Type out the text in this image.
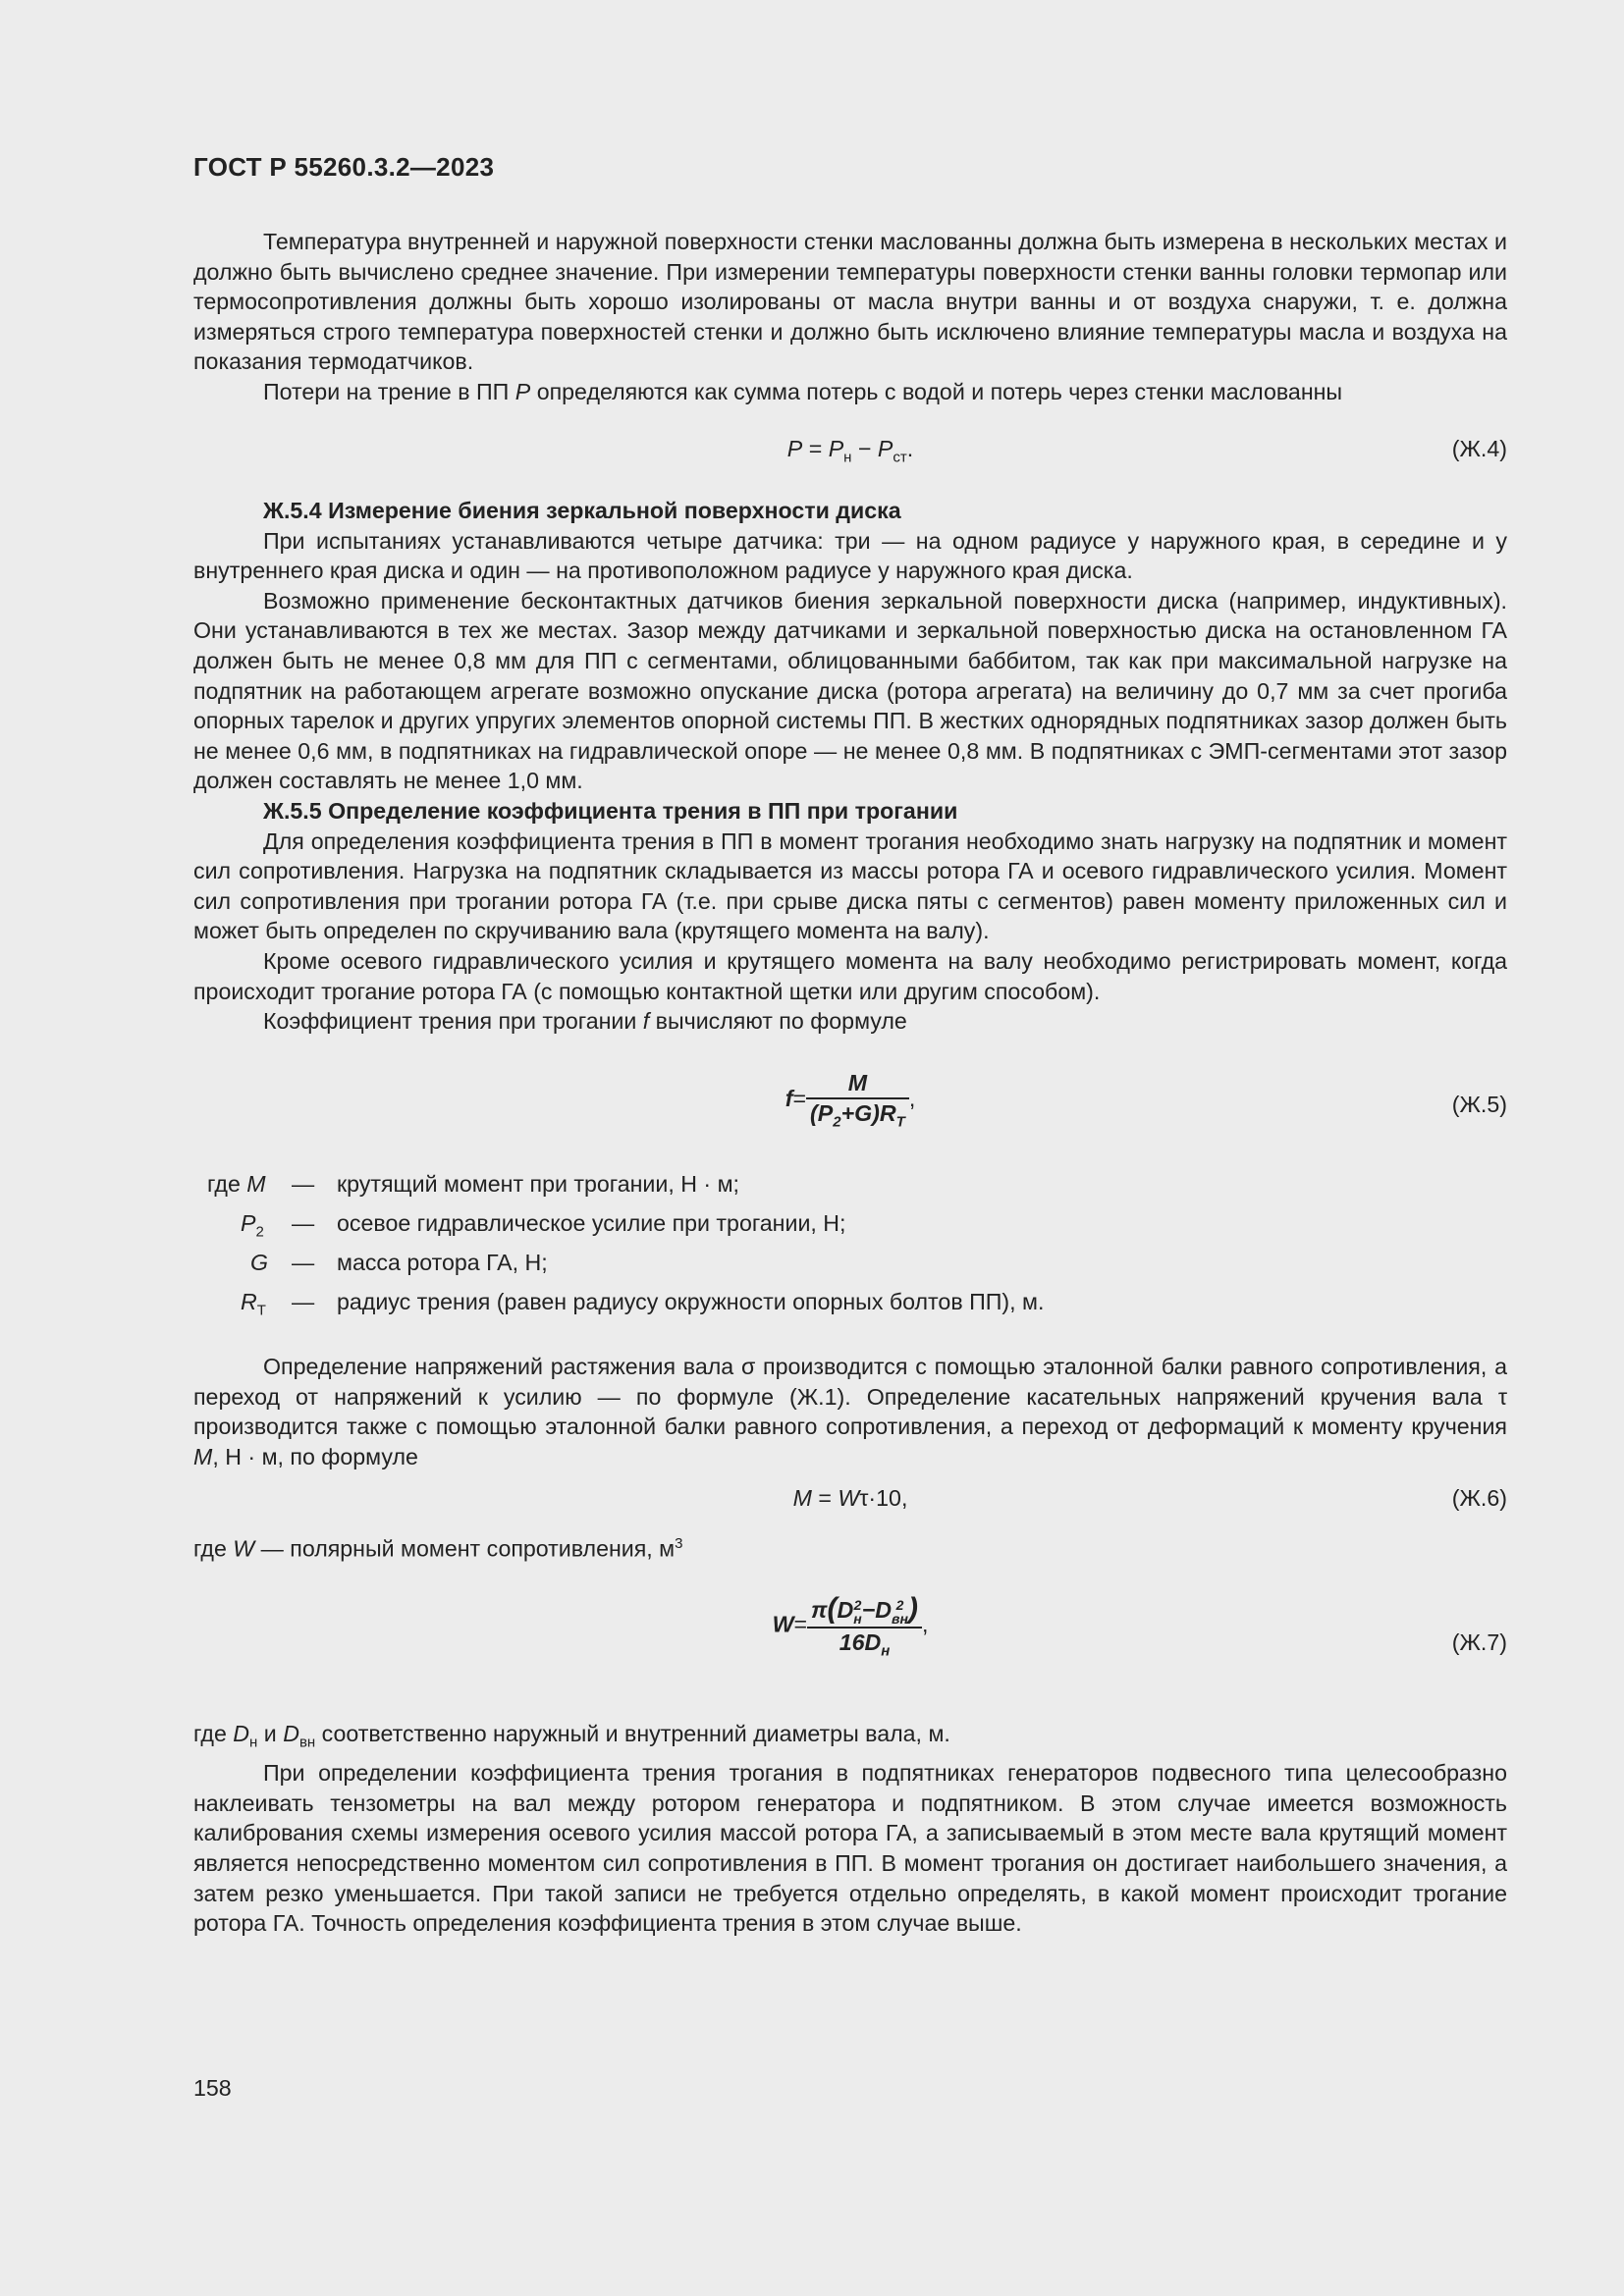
ГОСТ Р 55260.3.2—2023

Температура внутренней и наружной поверхности стенки маслованны должна быть измерена в нескольких местах и должно быть вычислено среднее значение. При измерении температуры поверхности стенки ванны головки термопар или термосопротивления должны быть хорошо изолированы от масла внутри ванны и от воздуха снаружи, т. е. должна измеряться строго температура поверхностей стенки и должно быть исключено влияние температуры масла и воздуха на показания термодатчиков.

Потери на трение в ПП P определяются как сумма потерь с водой и потерь через стенки маслованны

$P = P_н - P_{ст}$.	(Ж.4)

Ж.5.4 Измерение биения зеркальной поверхности диска

При испытаниях устанавливаются четыре датчика: три — на одном радиусе у наружного края, в середине и у внутреннего края диска и один — на противоположном радиусе у наружного края диска.

Возможно применение бесконтактных датчиков биения зеркальной поверхности диска (например, индуктивных). Они устанавливаются в тех же местах. Зазор между датчиками и зеркальной поверхностью диска на остановленном ГА должен быть не менее 0,8 мм для ПП с сегментами, облицованными баббитом, так как при максимальной нагрузке на подпятник на работающем агрегате возможно опускание диска (ротора агрегата) на величину до 0,7 мм за счет прогиба опорных тарелок и других упругих элементов опорной системы ПП. В жестких однорядных подпятниках зазор должен быть не менее 0,6 мм, в подпятниках на гидравлической опоре — не менее 0,8 мм. В подпятниках с ЭМП-сегментами этот зазор должен составлять не менее 1,0 мм.

Ж.5.5 Определение коэффициента трения в ПП при трогании

Для определения коэффициента трения в ПП в момент трогания необходимо знать нагрузку на подпятник и момент сил сопротивления. Нагрузка на подпятник складывается из массы ротора ГА и осевого гидравлического усилия. Момент сил сопротивления при трогании ротора ГА (т.е. при срыве диска пяты с сегментов) равен моменту приложенных сил и может быть определен по скручиванию вала (крутящего момента на валу).

Кроме осевого гидравлического усилия и крутящего момента на валу необходимо регистрировать момент, когда происходит трогание ротора ГА (с помощью контактной щетки или другим способом).

Коэффициент трения при трогании f вычисляют по формуле

$f= \frac{M}{(P_2+G)R_Т}$ ,	(Ж.5)
где M — крутящий момент при трогании, Н · м;
$P_2$ — осевое гидравлическое усилие при трогании, Н;
G — масса ротора ГА, Н;
$R_Т$ — радиус трения (равен радиусу окружности опорных болтов ПП), м.

Определение напряжений растяжения вала σ производится с помощью эталонной балки равного сопротивления, а переход от напряжений к усилию — по формуле (Ж.1). Определение касательных напряжений кручения вала τ производится также с помощью эталонной балки равного сопротивления, а переход от деформаций к моменту кручения M, Н · м, по формуле

M = Wτ·10,	(Ж.6)

где W — полярный момент сопротивления, $м^3$

W= π(D 2
н −D 2
вн )
$16D_н$ ,
(Ж.7)

где $D_н$ и $D_{вн}$ соответственно наружный и внутренний диаметры вала, м.

При определении коэффициента трения трогания в подпятниках генераторов подвесного типа целесообразно наклеивать тензометры на вал между ротором генератора и подпятником. В этом случае имеется возможность калибрования схемы измерения осевого усилия массой ротора ГА, а записываемый в этом месте вала крутящий момент является непосредственно моментом сил сопротивления в ПП. В момент трогания он достигает наибольшего значения, а затем резко уменьшается. При такой записи не требуется отдельно определять, в какой момент происходит трогание ротора ГА. Точность определения коэффициента трения в этом случае выше.

158
